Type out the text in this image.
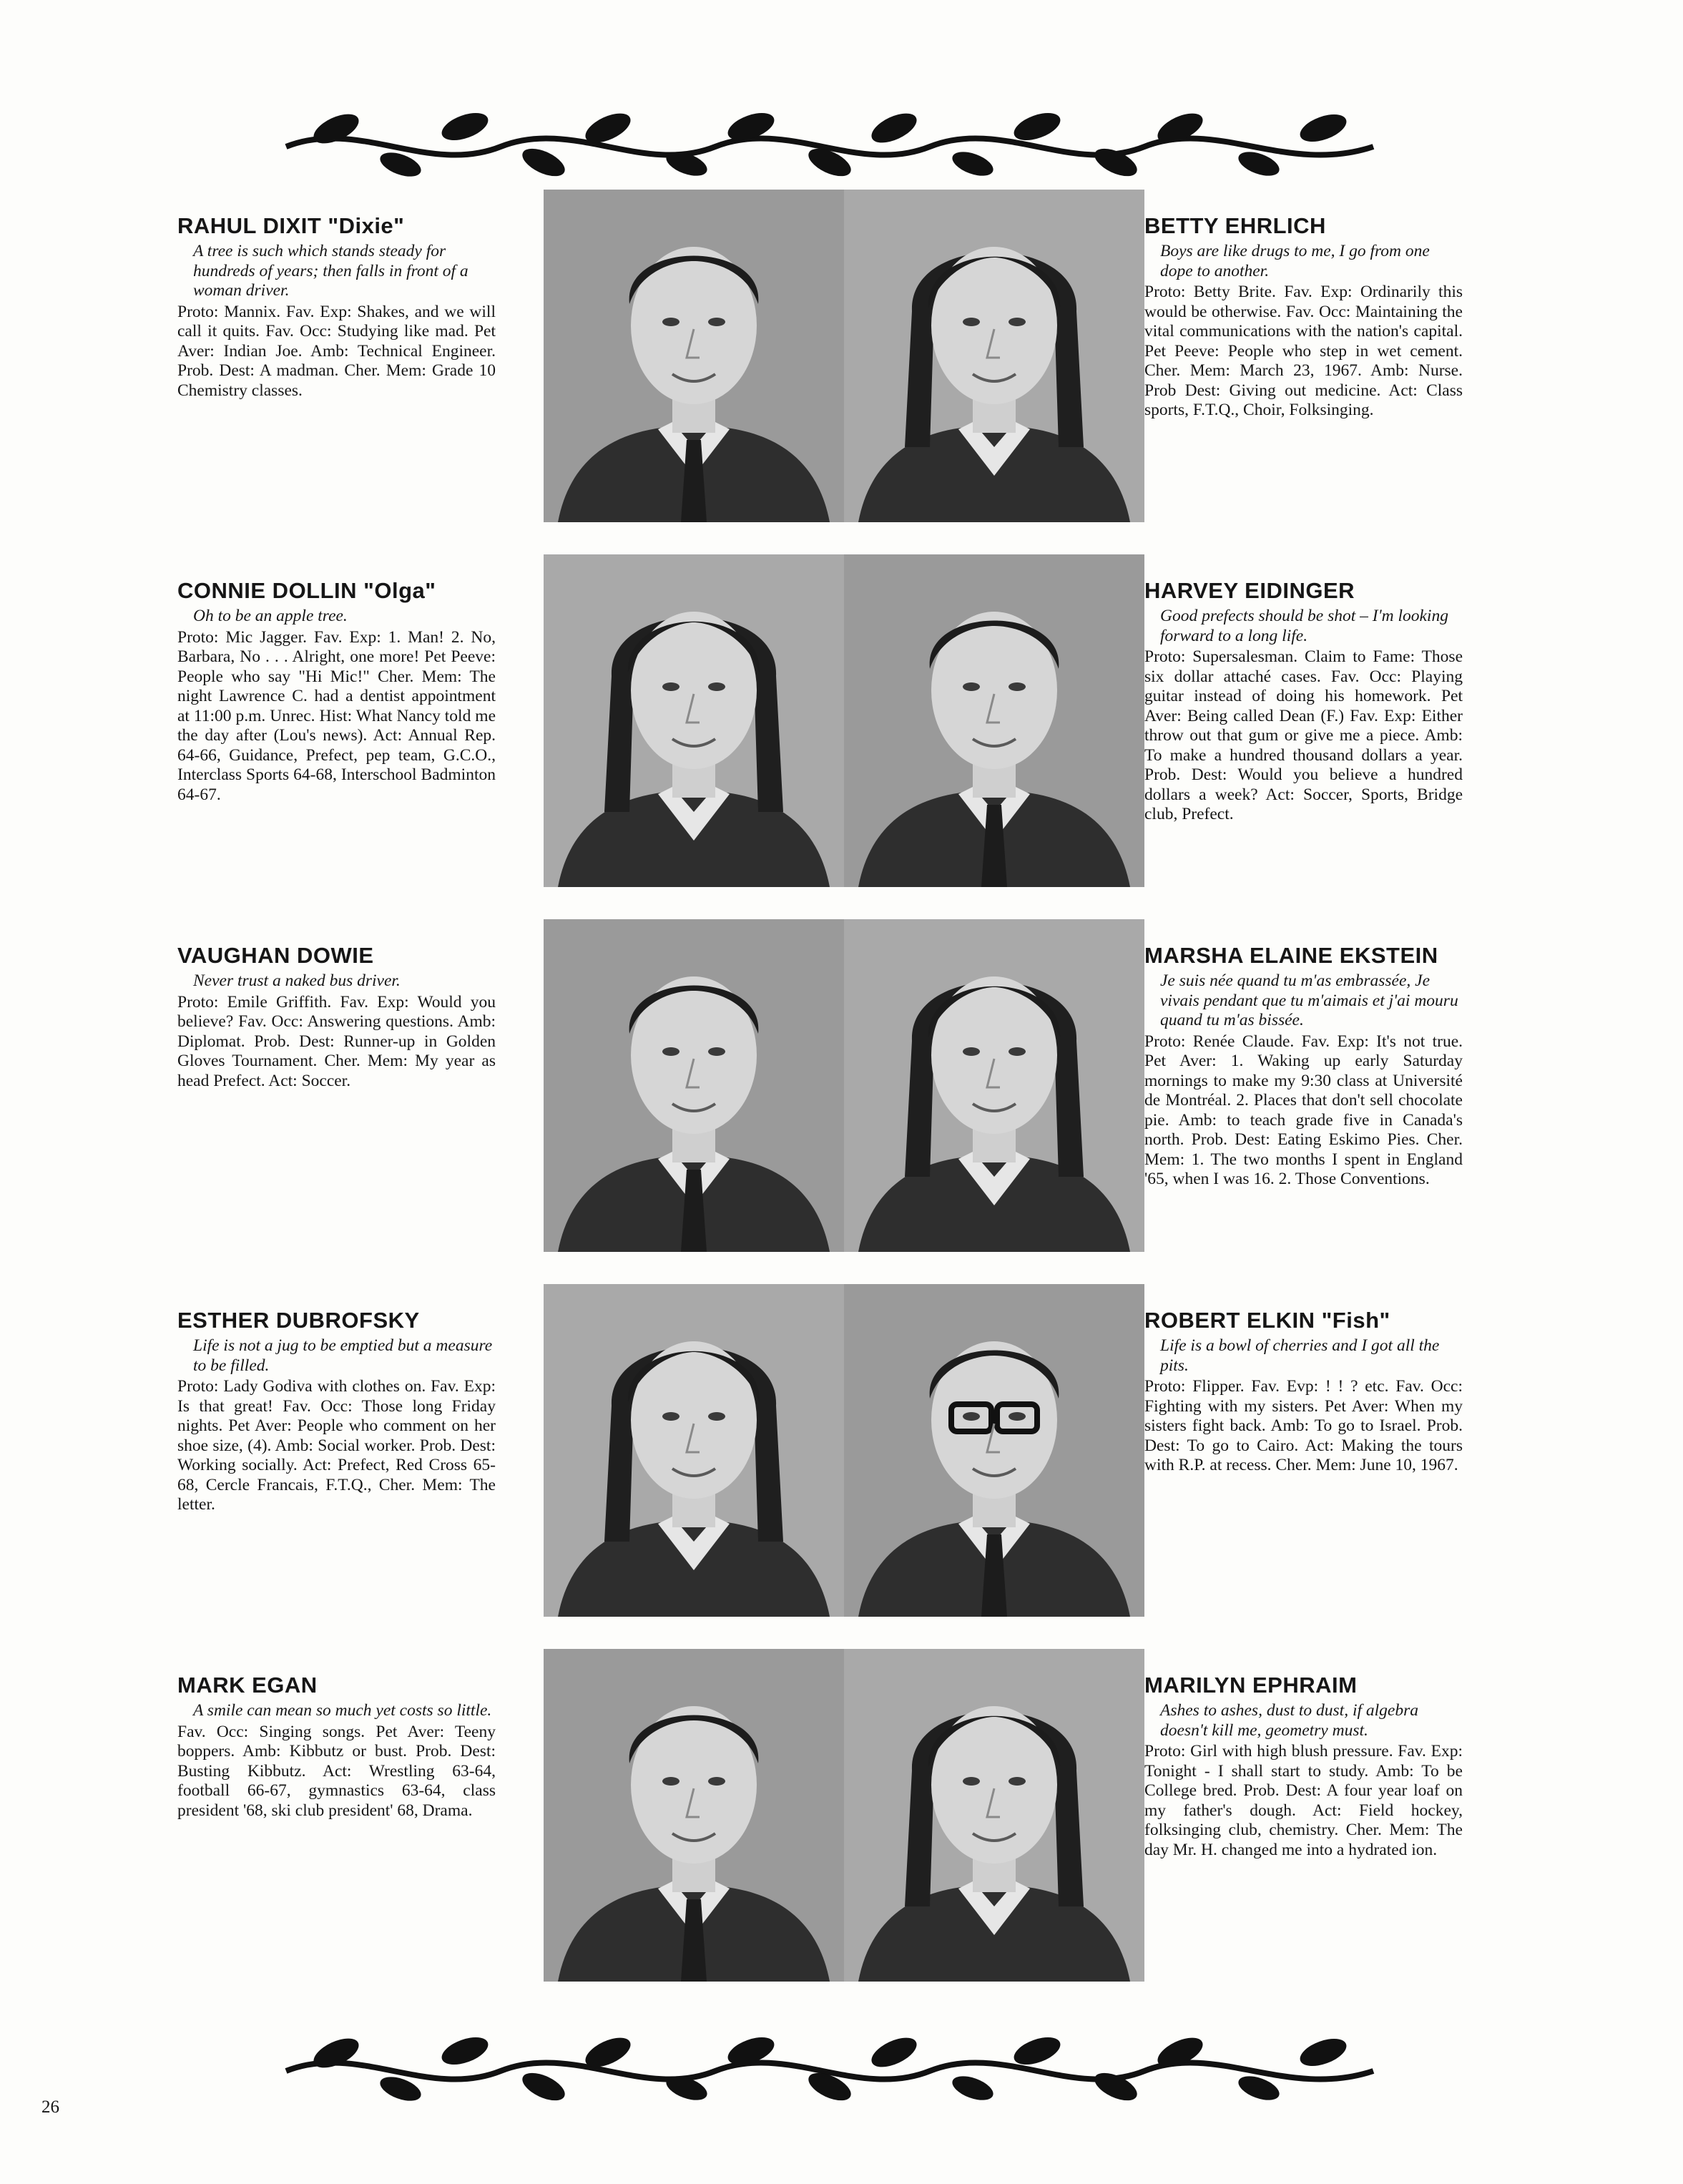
RAHUL DIXIT "Dixie"
A tree is such which stands steady for hundreds of years; then falls in front of a woman driver.
Proto: Mannix. Fav. Exp: Shakes, and we will call it quits. Fav. Occ: Studying like mad. Pet Aver: Indian Joe. Amb: Technical Engineer. Prob. Dest: A madman. Cher. Mem: Grade 10 Chemistry classes.
BETTY EHRLICH
Boys are like drugs to me, I go from one dope to another.
Proto: Betty Brite. Fav. Exp: Ordinarily this would be otherwise. Fav. Occ: Maintaining the vital communications with the nation's capital. Pet Peeve: People who step in wet cement. Cher. Mem: March 23, 1967. Amb: Nurse. Prob Dest: Giving out medicine. Act: Class sports, F.T.Q., Choir, Folksinging.
CONNIE DOLLIN "Olga"
Oh to be an apple tree.
Proto: Mic Jagger. Fav. Exp: 1. Man! 2. No, Barbara, No . . . Alright, one more! Pet Peeve: People who say "Hi Mic!" Cher. Mem: The night Lawrence C. had a dentist appointment at 11:00 p.m. Unrec. Hist: What Nancy told me the day after (Lou's news). Act: Annual Rep. 64-66, Guidance, Prefect, pep team, G.C.O., Interclass Sports 64-68, Interschool Badminton 64-67.
HARVEY EIDINGER
Good prefects should be shot – I'm looking forward to a long life.
Proto: Supersalesman. Claim to Fame: Those six dollar attaché cases. Fav. Occ: Playing guitar instead of doing his homework. Pet Aver: Being called Dean (F.) Fav. Exp: Either throw out that gum or give me a piece. Amb: To make a hundred thousand dollars a year. Prob. Dest: Would you believe a hundred dollars a week? Act: Soccer, Sports, Bridge club, Prefect.
VAUGHAN DOWIE
Never trust a naked bus driver.
Proto: Emile Griffith. Fav. Exp: Would you believe? Fav. Occ: Answering questions. Amb: Diplomat. Prob. Dest: Runner-up in Golden Gloves Tournament. Cher. Mem: My year as head Prefect. Act: Soccer.
MARSHA ELAINE EKSTEIN
Je suis née quand tu m'as embrassée, Je vivais pendant que tu m'aimais et j'ai mouru quand tu m'as bissée.
Proto: Renée Claude. Fav. Exp: It's not true. Pet Aver: 1. Waking up early Saturday mornings to make my 9:30 class at Université de Montréal. 2. Places that don't sell chocolate pie. Amb: to teach grade five in Canada's north. Prob. Dest: Eating Eskimo Pies. Cher. Mem: 1. The two months I spent in England '65, when I was 16. 2. Those Conventions.
ESTHER DUBROFSKY
Life is not a jug to be emptied but a measure to be filled.
Proto: Lady Godiva with clothes on. Fav. Exp: Is that great! Fav. Occ: Those long Friday nights. Pet Aver: People who comment on her shoe size, (4). Amb: Social worker. Prob. Dest: Working socially. Act: Prefect, Red Cross 65-68, Cercle Francais, F.T.Q., Cher. Mem: The letter.
ROBERT ELKIN "Fish"
Life is a bowl of cherries and I got all the pits.
Proto: Flipper. Fav. Evp: ! ! ? etc. Fav. Occ: Fighting with my sisters. Pet Aver: When my sisters fight back. Amb: To go to Israel. Prob. Dest: To go to Cairo. Act: Making the tours with R.P. at recess. Cher. Mem: June 10, 1967.
MARK EGAN
A smile can mean so much yet costs so little.
Fav. Occ: Singing songs. Pet Aver: Teeny boppers. Amb: Kibbutz or bust. Prob. Dest: Busting Kibbutz. Act: Wrestling 63-64, football 66-67, gymnastics 63-64, class president '68, ski club president' 68, Drama.
MARILYN EPHRAIM
Ashes to ashes, dust to dust, if algebra doesn't kill me, geometry must.
Proto: Girl with high blush pressure. Fav. Exp: Tonight - I shall start to study. Amb: To be College bred. Prob. Dest: A four year loaf on my father's dough. Act: Field hockey, folksinging club, chemistry. Cher. Mem: The day Mr. H. changed me into a hydrated ion.
26
